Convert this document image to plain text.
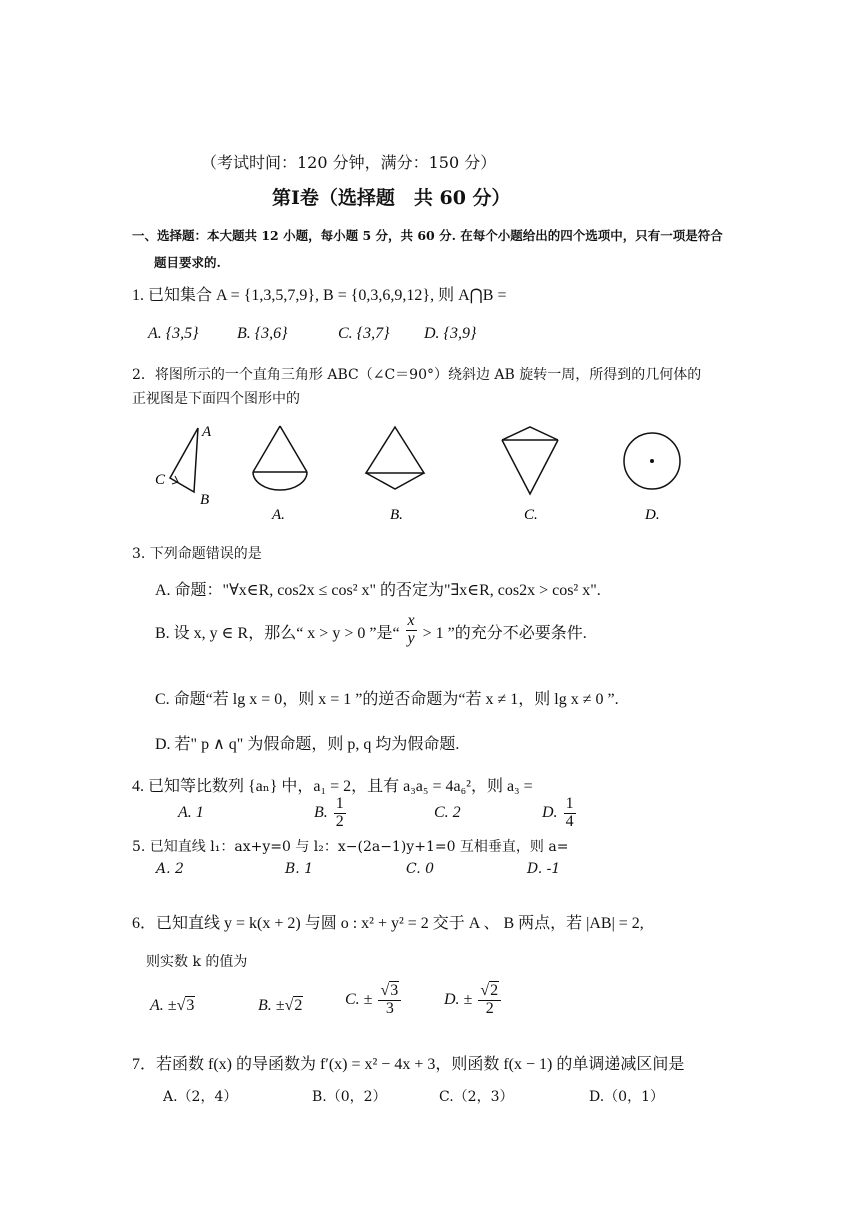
（考试时间：120 分钟，满分：150 分）
第Ⅰ卷（选择题　共 60 分）
一、选择题：本大题共 12 小题，每小题 5 分，共 60 分. 在每个小题给出的四个选项中，只有一项是符合
题目要求的.
1. 已知集合 A = {1,3,5,7,9}, B = {0,3,6,9,12}, 则 A⋂B =
A. {3,5} B. {3,6}	C. {3,7} D. {3,9}
2．将图所示的一个直角三角形 ABC（∠C＝90°）绕斜边 AB 旋转一周，所得到的几何体的
正视图是下面四个图形中的
A
C
B
A.	B.	C.	D.
3. 下列命题错误的是
A. 命题："∀x∈R, cos2x ≤ cos² x" 的否定为"∃x∈R, cos2x > cos² x".
B. 设 x, y ∈ R，那么“ x > y > 0 ”是“ $\frac{x}{y} > 1$ ”的充分不必要条件.
C. 命题“若 lg x = 0，则 x = 1 ”的逆否命题为“若 x ≠ 1，则 lg x ≠ 0 ”.
D. 若" p ∧ q" 为假命题，则 p, q 均为假命题.
4. 已知等比数列 {aₙ} 中，a₁ = 2，且有 a₃a₅ = 4a₆²，则 a₃ =
A. 1	B. $\frac{1}{2}$	C. 2	D. $\frac{1}{4}$
5. 已知直线 l₁：ax+y=0 与 l₂：x−(2a−1)y+1=0 互相垂直，则 a=
A. 2	B. 1	C. 0	D. -1
6．已知直线 y = k(x + 2) 与圆 o : x² + y² = 2 交于 A 、 B 两点，若 |AB| = 2,
则实数 k 的值为
A. ±√3	B. ±√2	C. ± $\frac{√3}{3}$	D. ± $\frac{√2}{2}$
7．若函数 f(x) 的导函数为 f′(x) = x² − 4x + 3，则函数 f(x − 1) 的单调递减区间是
A.（2，4）	B.（0，2）	C.（2，3）	D.（0，1）
